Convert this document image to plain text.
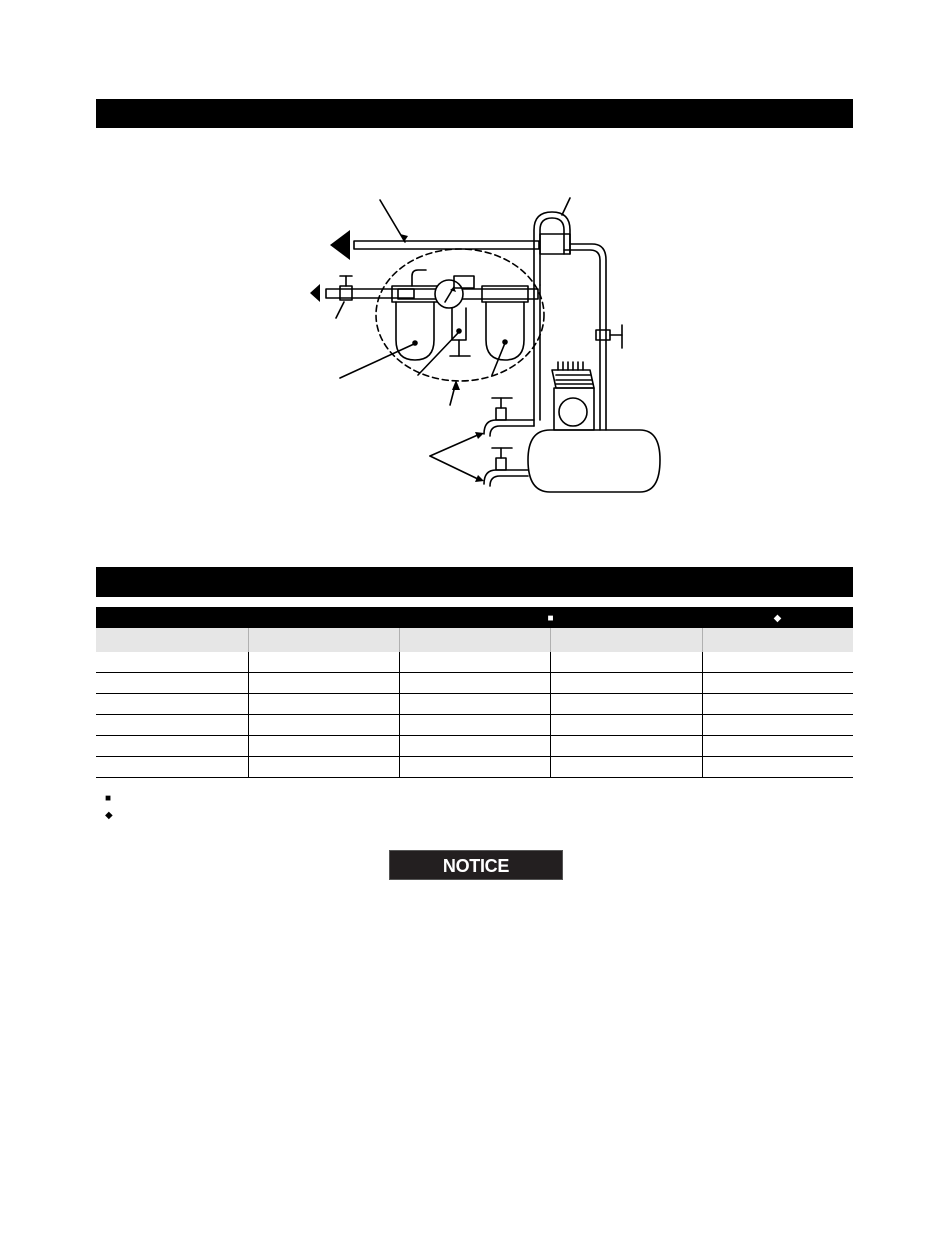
		■		◆

■
◆
NOTICE
